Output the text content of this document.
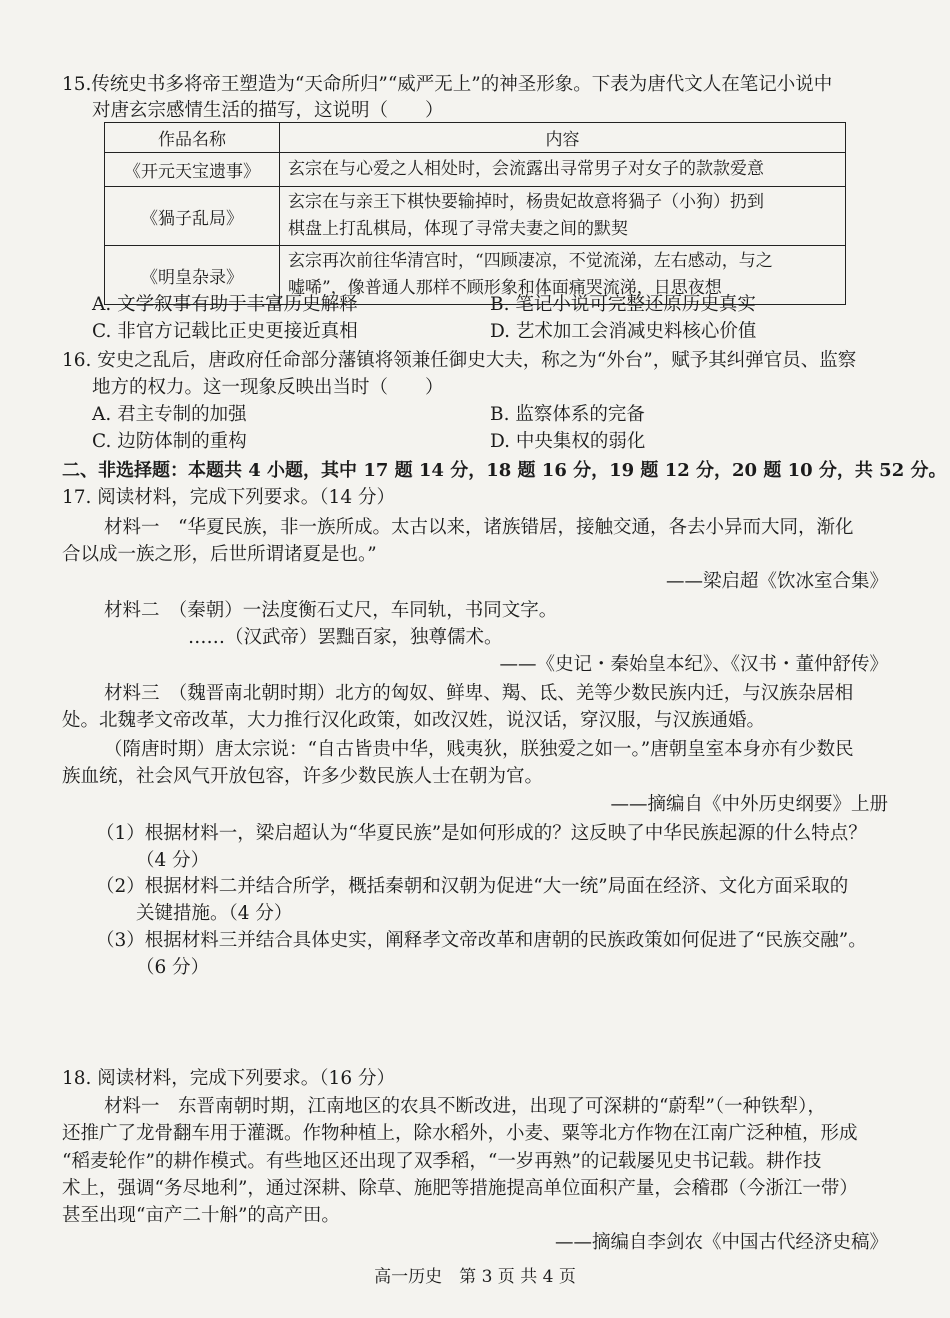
15.传统史书多将帝王塑造为“天命所归”“威严无上”的神圣形象。下表为唐代文人在笔记小说中
对唐玄宗感情生活的描写，这说明（　　）
作品名称	内容
《开元天宝遗事》	玄宗在与心爱之人相处时，会流露出寻常男子对女子的款款爱意

《猧子乱局》	玄宗在与亲王下棋快要输掉时，杨贵妃故意将猧子（小狗）扔到
棋盘上打乱棋局，体现了寻常夫妻之间的默契

《明皇杂录》	玄宗再次前往华清宫时，“四顾凄凉，不觉流涕，左右感动，与之
嘘唏”，像普通人那样不顾形象和体面痛哭流涕，日思夜想
A. 文学叙事有助于丰富历史解释	B. 笔记小说可完整还原历史真实
C. 非官方记载比正史更接近真相	D. 艺术加工会消减史料核心价值
16. 安史之乱后，唐政府任命部分藩镇将领兼任御史大夫，称之为“外台”，赋予其纠弹官员、监察
地方的权力。这一现象反映出当时（　　）
A. 君主专制的加强	B. 监察体系的完备
C. 边防体制的重构	D. 中央集权的弱化
二、非选择题：本题共 4 小题，其中 17 题 14 分，18 题 16 分，19 题 12 分，20 题 10 分，共 52 分。
17. 阅读材料，完成下列要求。（14 分）
材料一　“华夏民族，非一族所成。太古以来，诸族错居，接触交通，各去小异而大同，渐化
合以成一族之形，后世所谓诸夏是也。”
——梁启超《饮冰室合集》
材料二　（秦朝）一法度衡石丈尺，车同轨，书同文字。
……（汉武帝）罢黜百家，独尊儒术。
——《史记・秦始皇本纪》、《汉书・董仲舒传》
材料三　（魏晋南北朝时期）北方的匈奴、鲜卑、羯、氐、羌等少数民族内迁，与汉族杂居相
处。北魏孝文帝改革，大力推行汉化政策，如改汉姓，说汉话，穿汉服，与汉族通婚。
（隋唐时期）唐太宗说：“自古皆贵中华，贱夷狄，朕独爱之如一。”唐朝皇室本身亦有少数民
族血统，社会风气开放包容，许多少数民族人士在朝为官。
——摘编自《中外历史纲要》上册
（1）根据材料一，梁启超认为“华夏民族”是如何形成的？这反映了中华民族起源的什么特点？
（4 分）
（2）根据材料二并结合所学，概括秦朝和汉朝为促进“大一统”局面在经济、文化方面采取的
关键措施。（4 分）
（3）根据材料三并结合具体史实，阐释孝文帝改革和唐朝的民族政策如何促进了“民族交融”。
（6 分）
18. 阅读材料，完成下列要求。（16 分）
材料一　东晋南朝时期，江南地区的农具不断改进，出现了可深耕的“蔚犁”（一种铁犁），
还推广了龙骨翻车用于灌溉。作物种植上，除水稻外，小麦、粟等北方作物在江南广泛种植，形成
“稻麦轮作”的耕作模式。有些地区还出现了双季稻，“一岁再熟”的记载屡见史书记载。耕作技
术上，强调“务尽地利”，通过深耕、除草、施肥等措施提高单位面积产量，会稽郡（今浙江一带）
甚至出现“亩产二十斛”的高产田。
——摘编自李剑农《中国古代经济史稿》
高一历史　第 3 页 共 4 页
